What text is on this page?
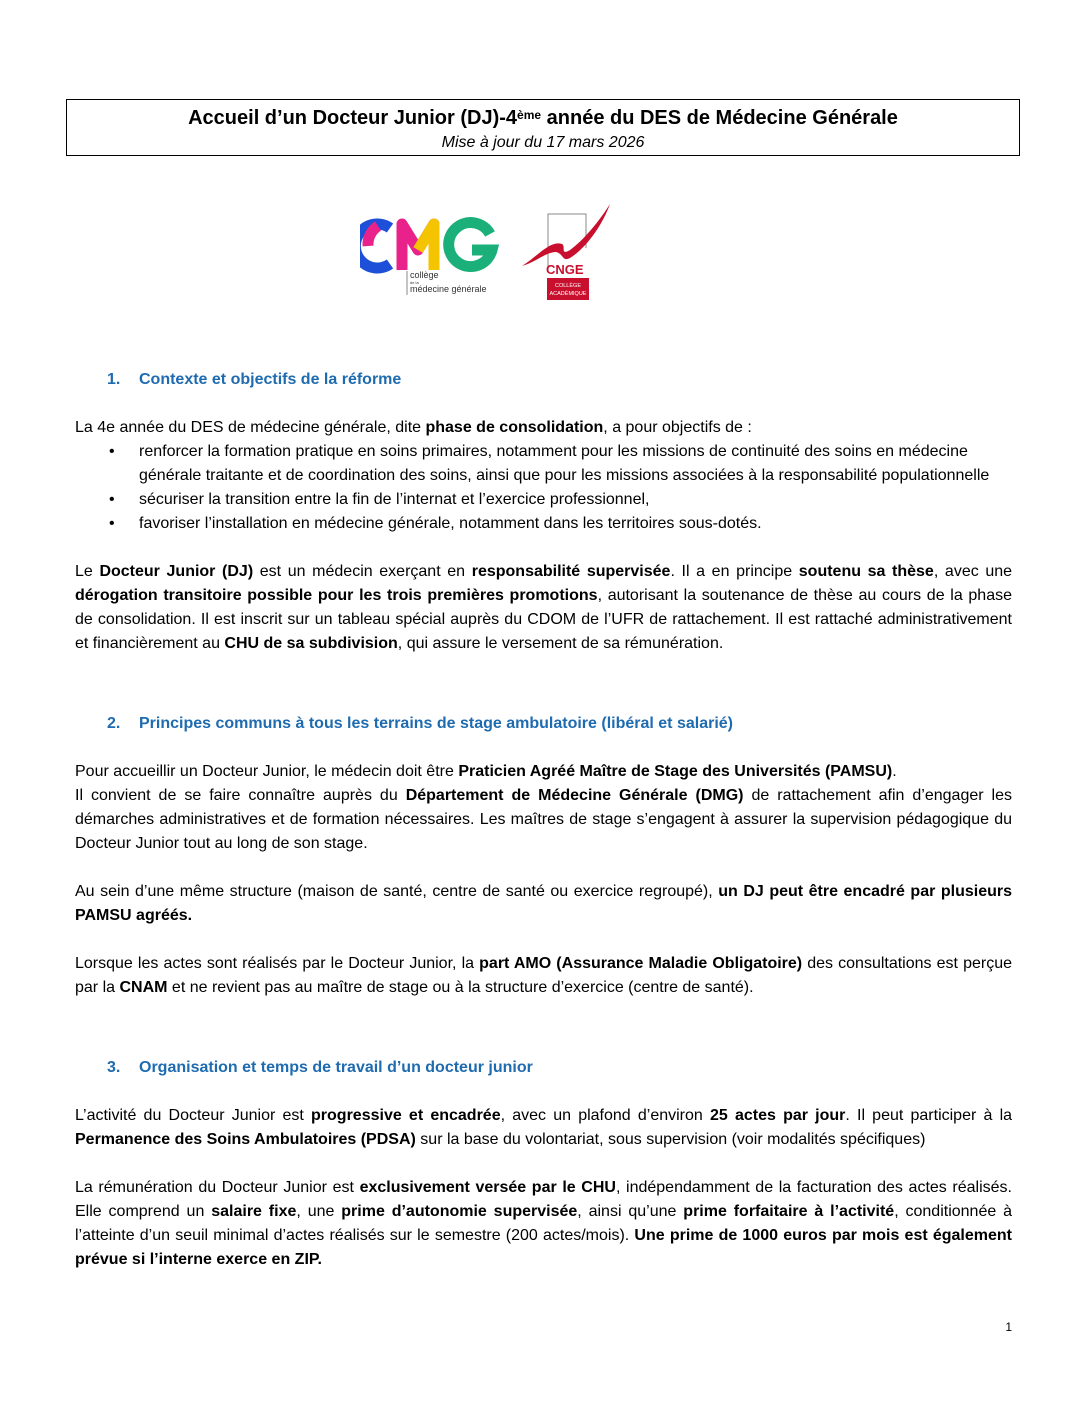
Accueil d’un Docteur Junior (DJ)-4ème année du DES de Médecine Générale
Mise à jour du 17 mars 2026
collège
de la
médecine générale
CNGE
COLLÈGE
ACADÉMIQUE
1. Contexte et objectifs de la réforme

La 4e année du DES de médecine générale, dite phase de consolidation, a pour objectifs de :

• renforcer la formation pratique en soins primaires, notamment pour les missions de continuité des soins en médecine générale traitante et de coordination des soins, ainsi que pour les missions associées à la responsabilité populationnelle
• sécuriser la transition entre la fin de l’internat et l’exercice professionnel,
• favoriser l’installation en médecine générale, notamment dans les territoires sous-dotés.

Le Docteur Junior (DJ) est un médecin exerçant en responsabilité supervisée. Il a en principe soutenu sa thèse, avec une dérogation transitoire possible pour les trois premières promotions, autorisant la soutenance de thèse au cours de la phase de consolidation. Il est inscrit sur un tableau spécial auprès du CDOM de l’UFR de rattachement. Il est rattaché administrativement et financièrement au CHU de sa subdivision, qui assure le versement de sa rémunération.

2. Principes communs à tous les terrains de stage ambulatoire (libéral et salarié)

Pour accueillir un Docteur Junior, le médecin doit être Praticien Agréé Maître de Stage des Universités (PAMSU).

Il convient de se faire connaître auprès du Département de Médecine Générale (DMG) de rattachement afin d’engager les démarches administratives et de formation nécessaires. Les maîtres de stage s’engagent à assurer la supervision pédagogique du Docteur Junior tout au long de son stage.

Au sein d’une même structure (maison de santé, centre de santé ou exercice regroupé), un DJ peut être encadré par plusieurs PAMSU agréés.

Lorsque les actes sont réalisés par le Docteur Junior, la part AMO (Assurance Maladie Obligatoire) des consultations est perçue par la CNAM et ne revient pas au maître de stage ou à la structure d’exercice (centre de santé).

3. Organisation et temps de travail d’un docteur junior

L’activité du Docteur Junior est progressive et encadrée, avec un plafond d’environ 25 actes par jour. Il peut participer à la Permanence des Soins Ambulatoires (PDSA) sur la base du volontariat, sous supervision (voir modalités spécifiques)

La rémunération du Docteur Junior est exclusivement versée par le CHU, indépendamment de la facturation des actes réalisés. Elle comprend un salaire fixe, une prime d’autonomie supervisée, ainsi qu’une prime forfaitaire à l’activité, conditionnée à l’atteinte d’un seuil minimal d’actes réalisés sur le semestre (200 actes/mois). Une prime de 1000 euros par mois est également prévue si l’interne exerce en ZIP.

1
